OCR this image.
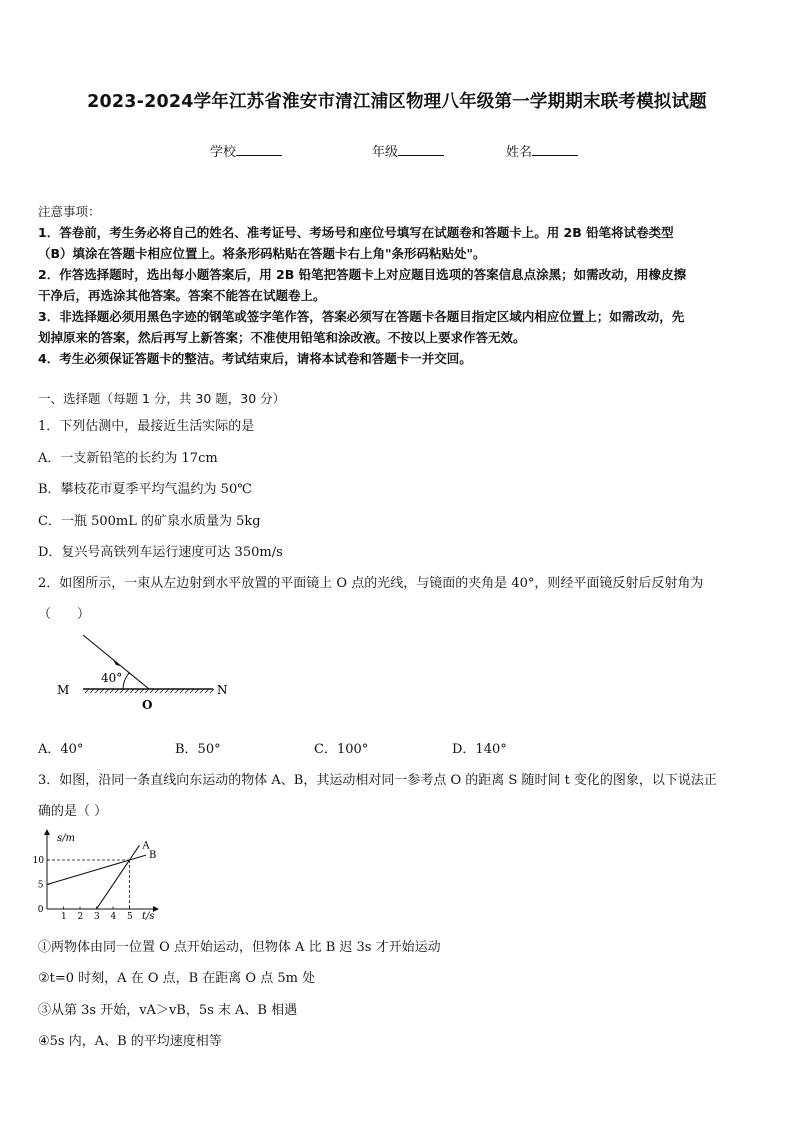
2023-2024学年江苏省淮安市清江浦区物理八年级第一学期期末联考模拟试题
学校	年级	姓名
注意事项：
1．答卷前，考生务必将自己的姓名、准考证号、考场号和座位号填写在试题卷和答题卡上。用 2B 铅笔将试卷类型
（B）填涂在答题卡相应位置上。将条形码粘贴在答题卡右上角"条形码粘贴处"。
2．作答选择题时，选出每小题答案后，用 2B 铅笔把答题卡上对应题目选项的答案信息点涂黑；如需改动，用橡皮擦
干净后，再选涂其他答案。答案不能答在试题卷上。
3．非选择题必须用黑色字迹的钢笔或签字笔作答，答案必须写在答题卡各题目指定区域内相应位置上；如需改动，先
划掉原来的答案，然后再写上新答案；不准使用铅笔和涂改液。不按以上要求作答无效。
4．考生必须保证答题卡的整洁。考试结束后，请将本试卷和答题卡一并交回。
一、选择题（每题 1 分，共 30 题，30 分）
1．下列估测中，最接近生活实际的是
A．一支新铅笔的长约为 17cm
B．攀枝花市夏季平均气温约为 50℃
C．一瓶 500mL 的矿泉水质量为 5kg
D．复兴号高铁列车运行速度可达 350m/s
2．如图所示，一束从左边射到水平放置的平面镜上 O 点的光线，与镜面的夹角是 40°，则经平面镜反射后反射角为
（　　）
40°
M	N
O
A．40°	B．50°	C．100°	D．140°
3．如图，沿同一条直线向东运动的物体 A、B，其运动相对同一参考点 O 的距离 S 随时间 t 变化的图象，以下说法正
确的是（ ）
s/m
t/s
1 2 3 4 5
0
5
10
A
B
①两物体由同一位置 O 点开始运动，但物体 A 比 B 迟 3s 才开始运动
②t=0 时刻，A 在 O 点，B 在距离 O 点 5m 处
③从第 3s 开始，vA＞vB，5s 末 A、B 相遇
④5s 内，A、B 的平均速度相等
